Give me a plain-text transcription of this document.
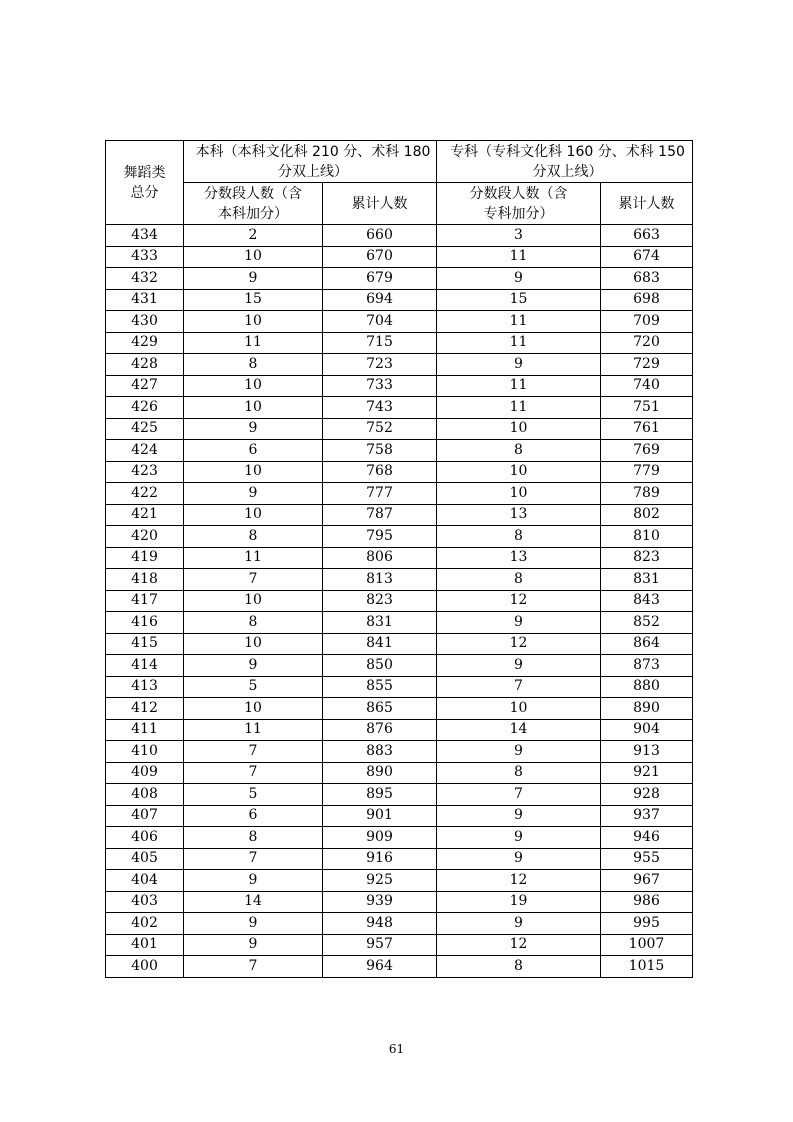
舞蹈类总分	本科（本科文化科 210 分、术科 180 分双上线）		专科（专科文化科 160 分、术科 150 分双上线）	
	分数段人数（含本科加分）	累计人数	分数段人数（含专科加分）	累计人数
434	2	660	3	663
433	10	670	11	674
432	9	679	9	683
431	15	694	15	698
430	10	704	11	709
429	11	715	11	720
428	8	723	9	729
427	10	733	11	740
426	10	743	11	751
425	9	752	10	761
424	6	758	8	769
423	10	768	10	779
422	9	777	10	789
421	10	787	13	802
420	8	795	8	810
419	11	806	13	823
418	7	813	8	831
417	10	823	12	843
416	8	831	9	852
415	10	841	12	864
414	9	850	9	873
413	5	855	7	880
412	10	865	10	890
411	11	876	14	904
410	7	883	9	913
409	7	890	8	921
408	5	895	7	928
407	6	901	9	937
406	8	909	9	946
405	7	916	9	955
404	9	925	12	967
403	14	939	19	986
402	9	948	9	995
401	9	957	12	1007
400	7	964	8	1015
61
